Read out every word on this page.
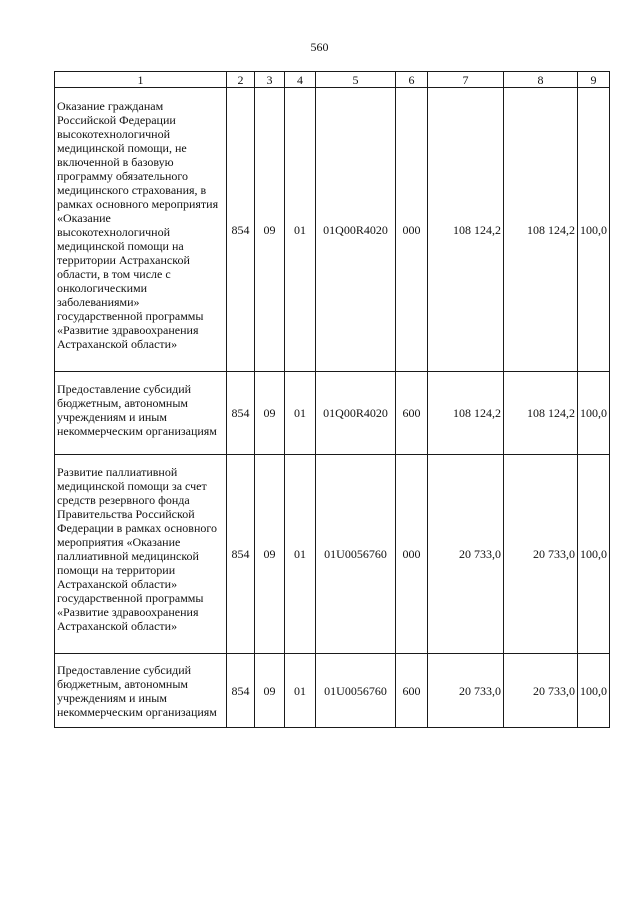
560
1	2	3	4	5	6	7	8	9
Оказание гражданам Российской Федерации высокотехнологичной медицинской помощи, не включенной в базовую программу обязательного медицинского страхования, в рамках основного мероприятия «Оказание высокотехнологичной медицинской помощи на территории Астраханской области, в том числе с онкологическими заболеваниями» государственной программы «Развитие здравоохранения Астраханской области»	854	09	01	01Q00R4020	000	108 124,2	108 124,2	100,0
Предоставление субсидий бюджетным, автономным учреждениям и иным некоммерческим организациям	854	09	01	01Q00R4020	600	108 124,2	108 124,2	100,0
Развитие паллиативной медицинской помощи за счет средств резервного фонда Правительства Российской Федерации в рамках основного мероприятия «Оказание паллиативной медицинской помощи на территории Астраханской области» государственной программы «Развитие здравоохранения Астраханской области»	854	09	01	01U0056760	000	20 733,0	20 733,0	100,0
Предоставление субсидий бюджетным, автономным учреждениям и иным некоммерческим организациям	854	09	01	01U0056760	600	20 733,0	20 733,0	100,0
